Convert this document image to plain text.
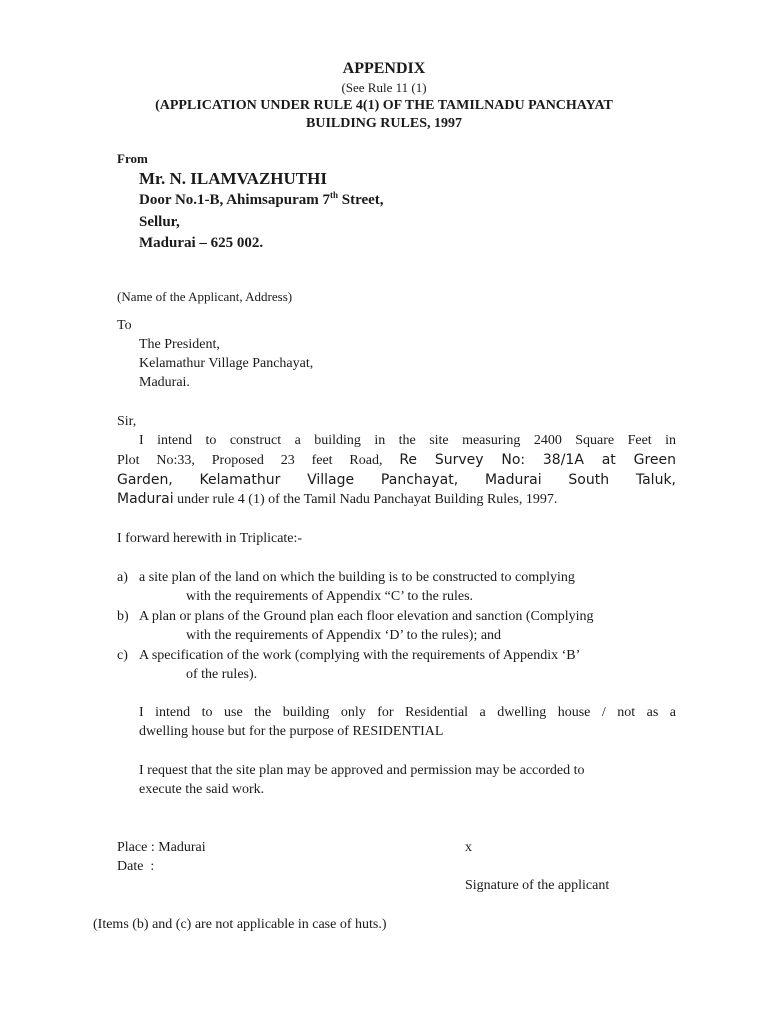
APPENDIX
(See Rule 11 (1)
(APPLICATION UNDER RULE 4(1) OF THE TAMILNADU PANCHAYAT
BUILDING RULES, 1997
From
Mr. N. ILAMVAZHUTHI
Door No.1-B, Ahimsapuram 7th Street,
Sellur,
Madurai – 625 002.
(Name of the Applicant, Address)
To
The President,
Kelamathur Village Panchayat,
Madurai.
Sir,
I intend to construct a building in the site measuring 2400 Square Feet in
Plot No:33, Proposed 23 feet Road, Re Survey No: 38/1A at Green
Garden, Kelamathur Village Panchayat, Madurai South Taluk,
Madurai under rule 4 (1) of the Tamil Nadu Panchayat Building Rules, 1997.
I forward herewith in Triplicate:-
a) a site plan of the land on which the building is to be constructed to complying
with the requirements of Appendix “C’ to the rules.
b) A plan or plans of the Ground plan each floor elevation and sanction (Complying
with the requirements of Appendix ‘D’ to the rules); and
c) A specification of the work (complying with the requirements of Appendix ‘B’
of the rules).
I intend to use the building only for Residential a dwelling house / not as a
dwelling house but for the purpose of RESIDENTIAL
I request that the site plan may be approved and permission may be accorded to
execute the said work.
Place : Madurai
Date  :
x
Signature of the applicant
(Items (b) and (c) are not applicable in case of huts.)
